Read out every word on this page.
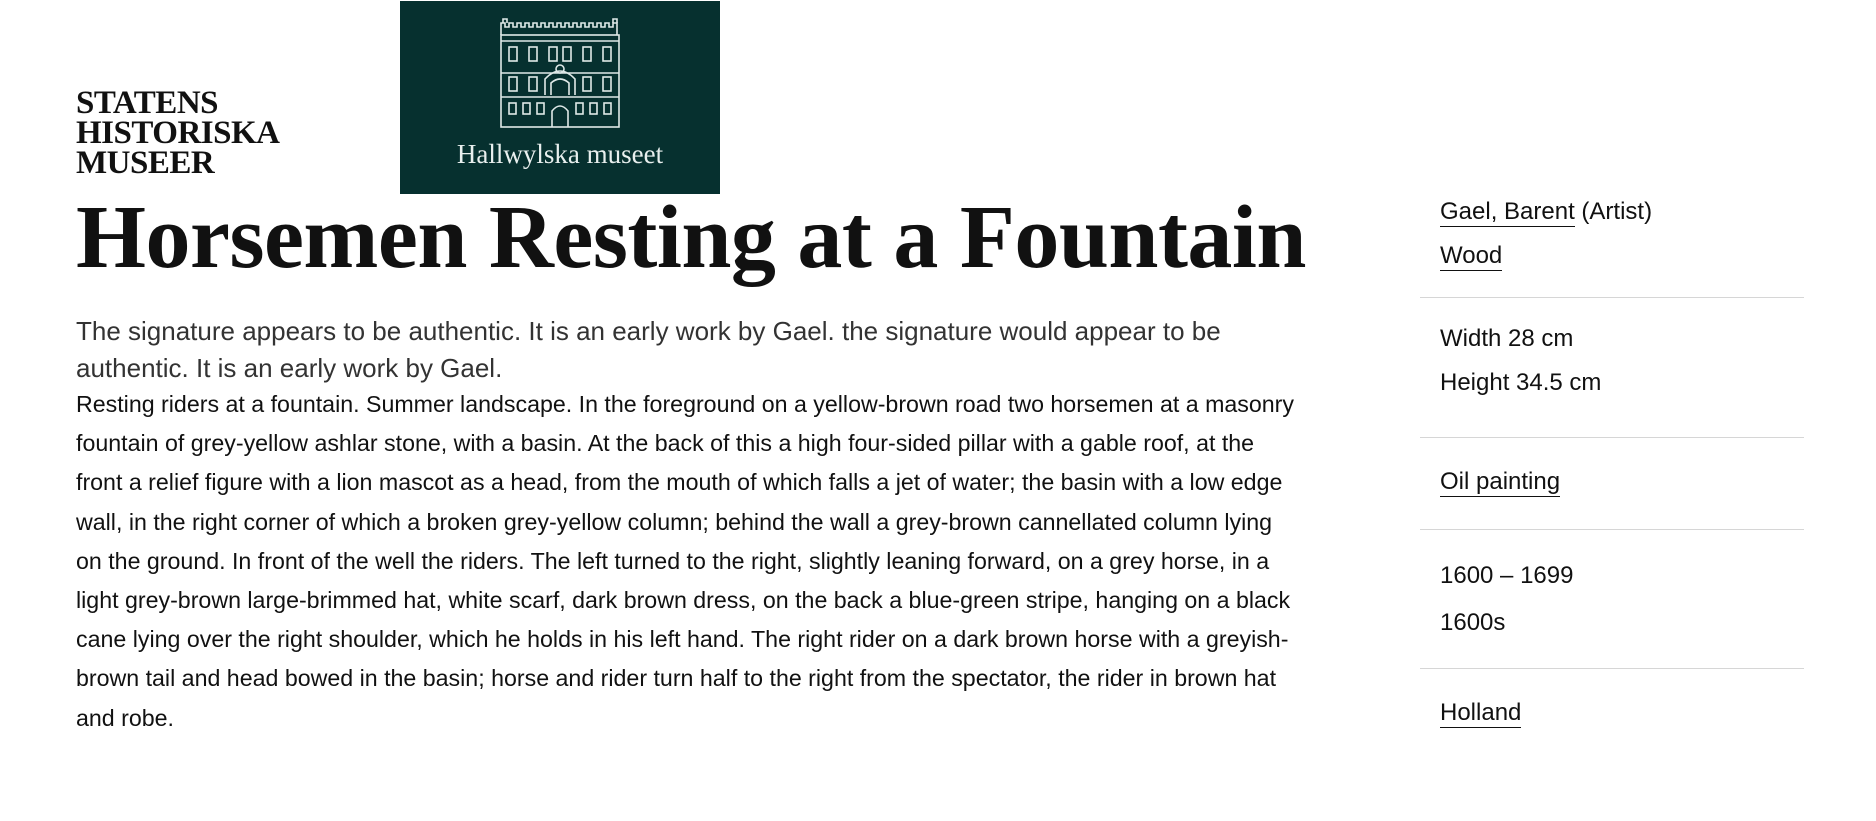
STATENS
HISTORISKA
MUSEER	Hallwylska museet
Horsemen Resting at a Fountain

The signature appears to be authentic. It is an early work by Gael. the signature would appear to be authentic. It is an early work by Gael.

Resting riders at a fountain. Summer landscape. In the foreground on a yellow-brown road two horsemen at a masonry fountain of grey-yellow ashlar stone, with a basin. At the back of this a high four-sided pillar with a gable roof, at the front a relief figure with a lion mascot as a head, from the mouth of which falls a jet of water; the basin with a low edge wall, in the right corner of which a broken grey-yellow column; behind the wall a grey-brown cannellated column lying on the ground. In front of the well the riders. The left turned to the right, slightly leaning forward, on a grey horse, in a light grey-brown large-brimmed hat, white scarf, dark brown dress, on the back a blue-green stripe, hanging on a black cane lying over the right shoulder, which he holds in his left hand. The right rider on a dark brown horse with a greyish-brown tail and head bowed in the basin; horse and rider turn half to the right from the spectator, the rider in brown hat and robe.

Gael, Barent (Artist)
Wood
Width 28 cm
Height 34.5 cm
Oil painting
1600 – 1699
1600s
Holland
